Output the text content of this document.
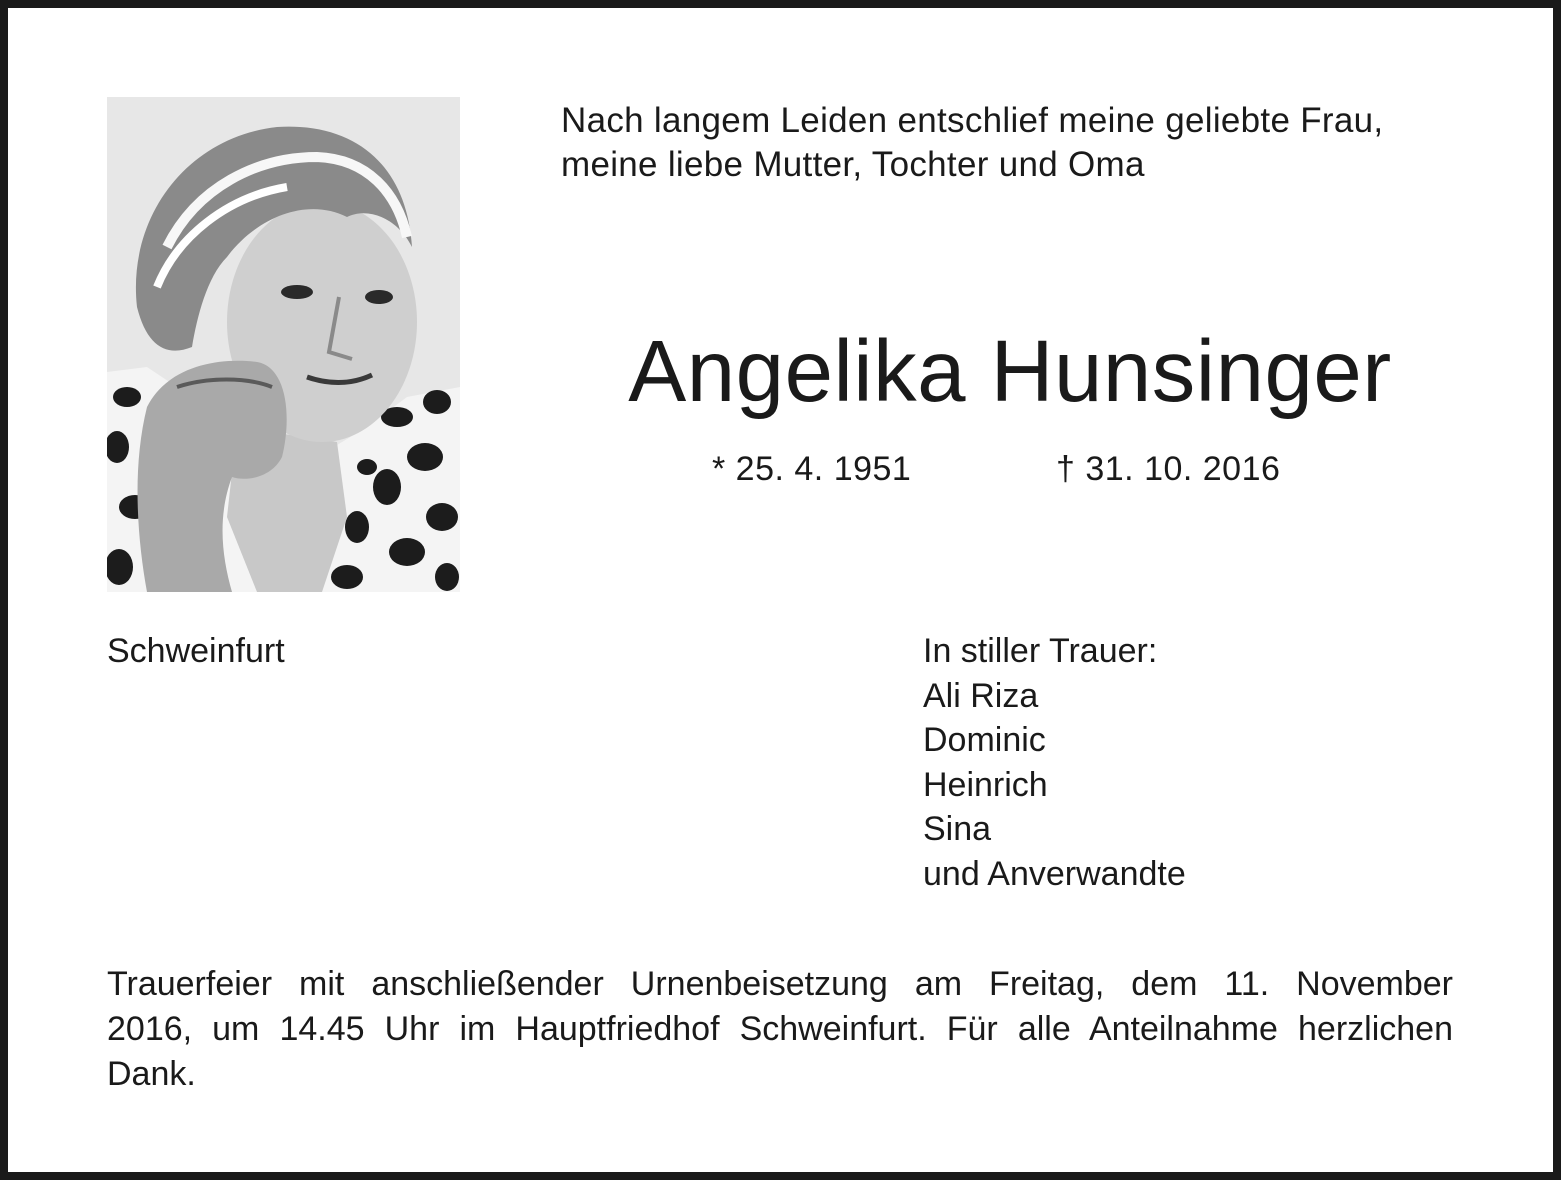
Nach langem Leiden entschlief meine geliebte Frau,
meine liebe Mutter, Tochter und Oma
Angelika Hunsinger
* 25. 4. 1951	† 31. 10. 2016
Schweinfurt	In stiller Trauer:
Ali Riza
Dominic
Heinrich
Sina
und Anverwandte
Trauerfeier mit anschließender Urnenbeisetzung am Freitag, dem 11. November
2016, um 14.45 Uhr im Hauptfriedhof Schweinfurt. Für alle Anteilnahme herzlichen
Dank.
